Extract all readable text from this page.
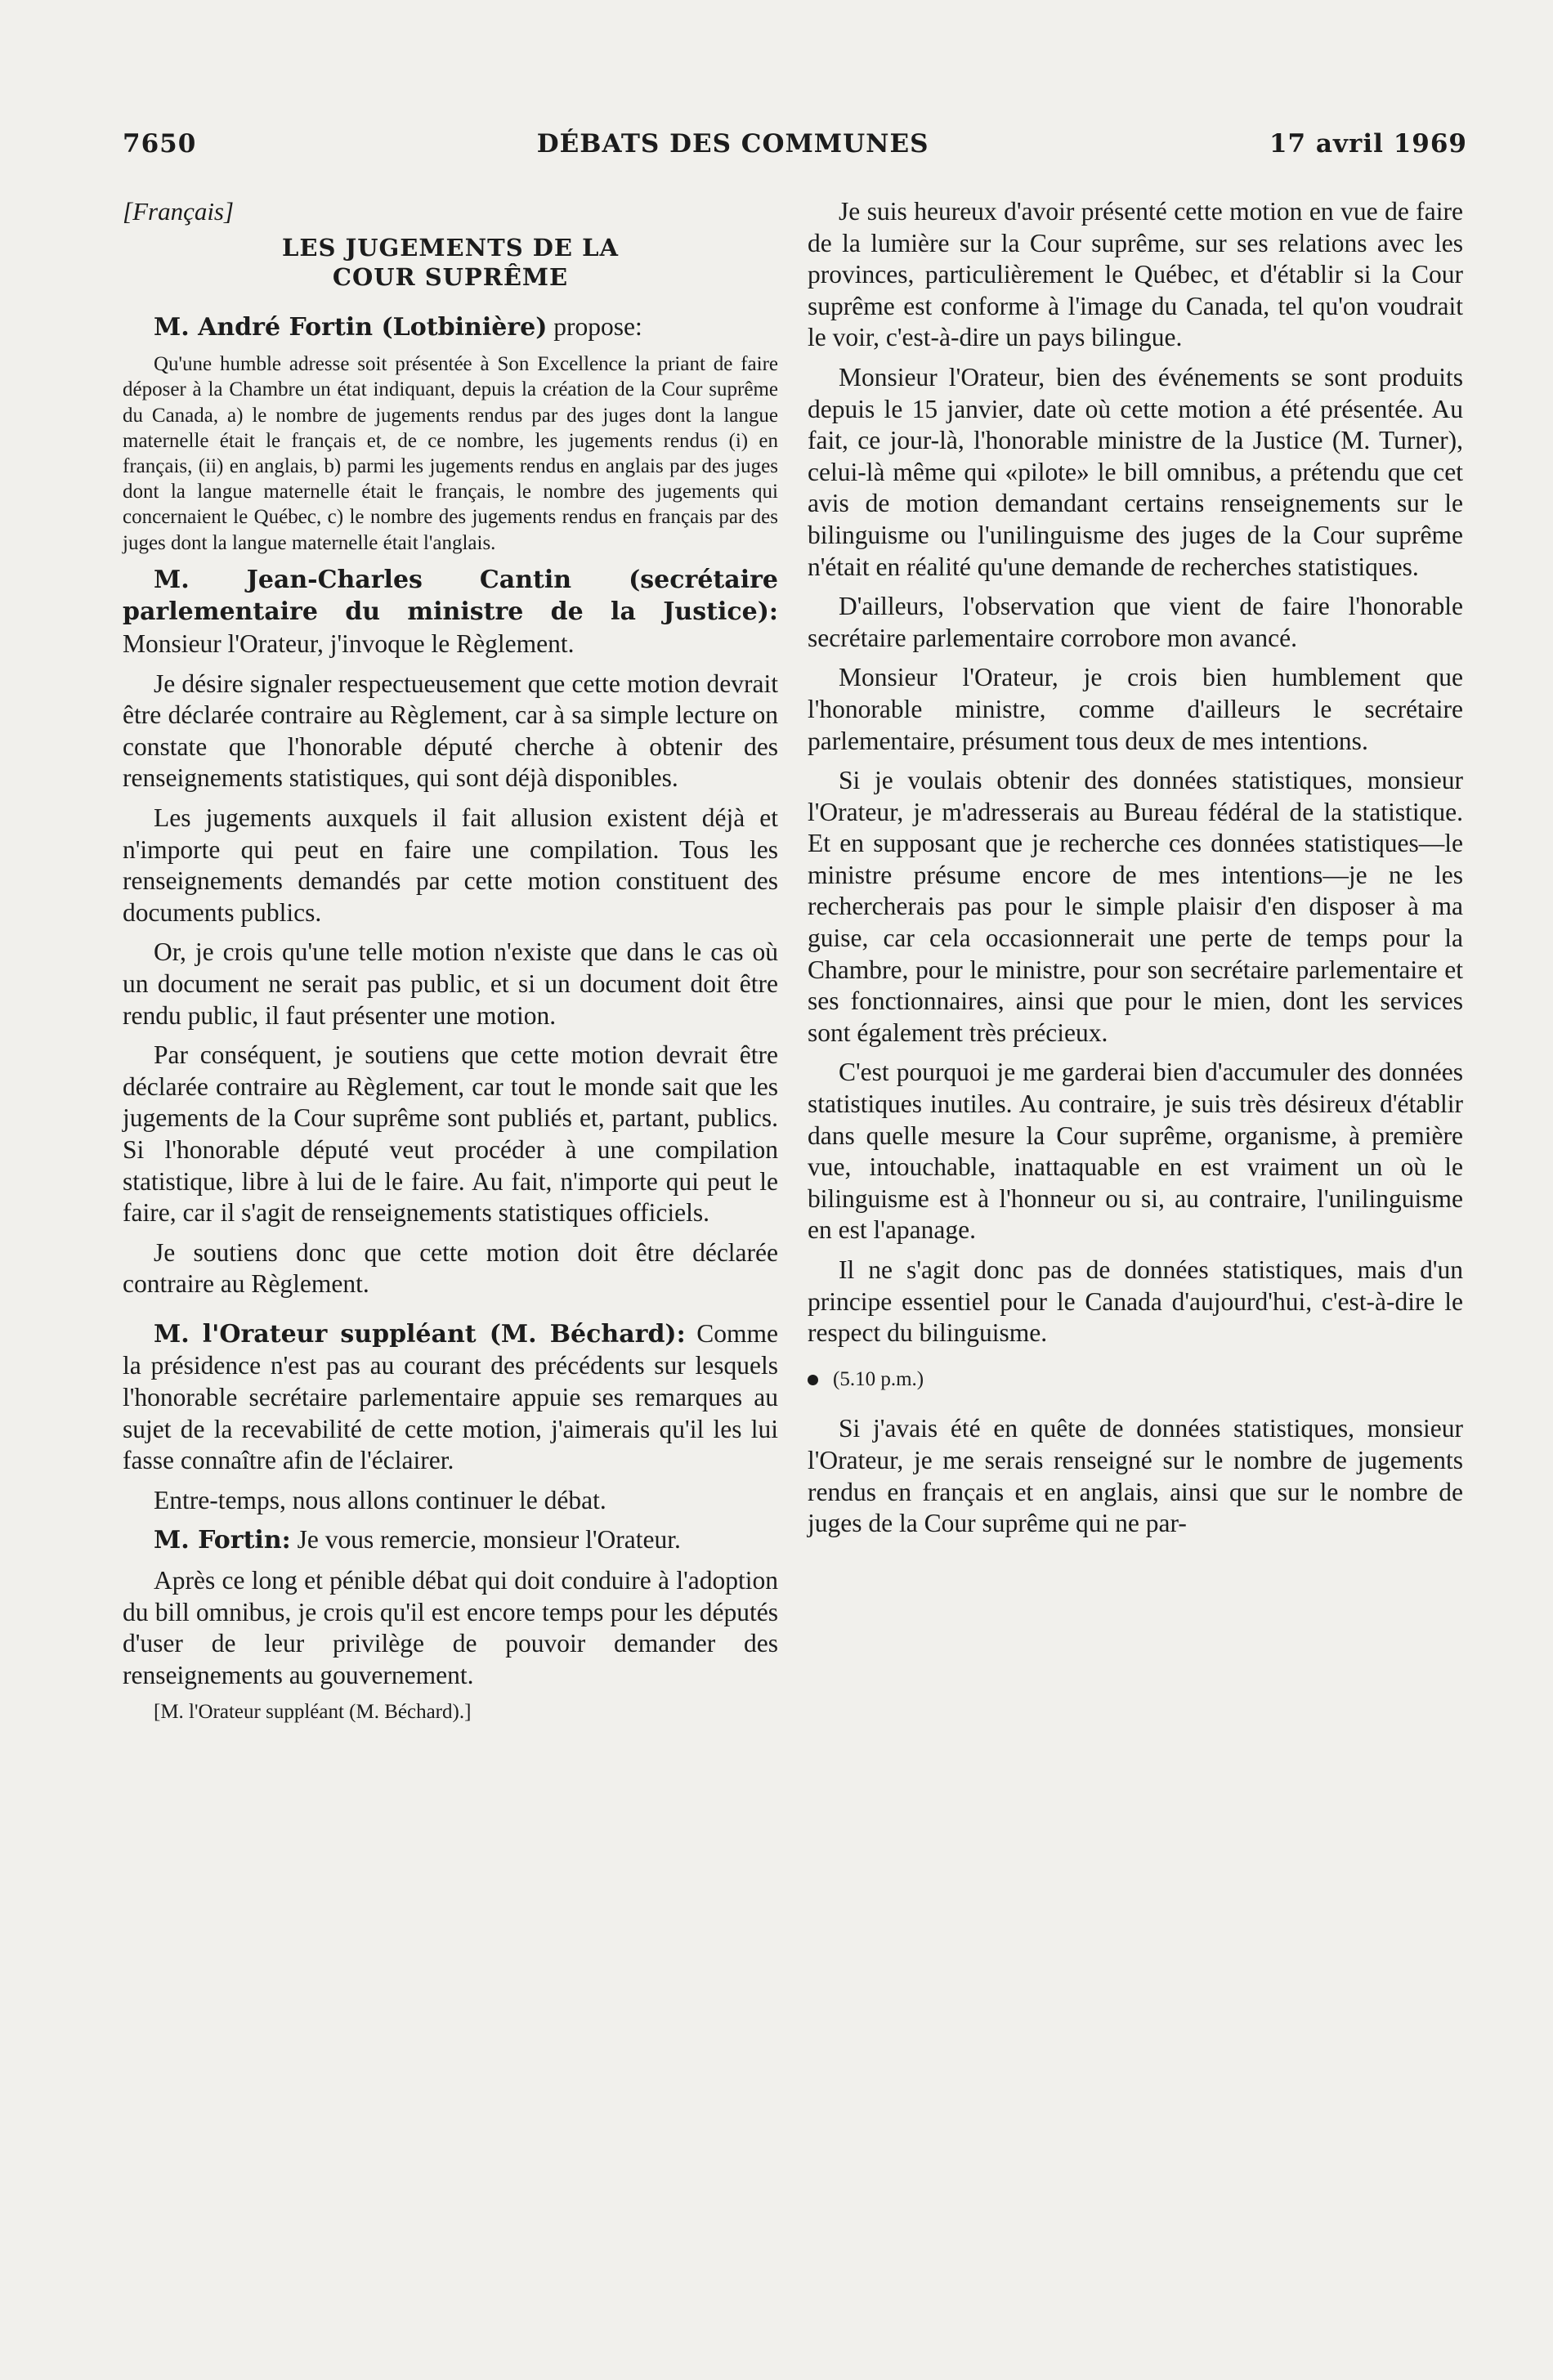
7650	DÉBATS DES COMMUNES	17 avril 1969
[Français]
LES JUGEMENTS DE LA
COUR SUPRÊME

M. André Fortin (Lotbinière) propose:

Qu'une humble adresse soit présentée à Son Excellence la priant de faire déposer à la Chambre un état indiquant, depuis la création de la Cour suprême du Canada, a) le nombre de jugements rendus par des juges dont la langue maternelle était le français et, de ce nombre, les jugements rendus (i) en français, (ii) en anglais, b) parmi les jugements rendus en anglais par des juges dont la langue maternelle était le français, le nombre des jugements qui concernaient le Québec, c) le nombre des jugements rendus en français par des juges dont la langue maternelle était l'anglais.

M. Jean-Charles Cantin (secrétaire parlementaire du ministre de la Justice): Monsieur l'Orateur, j'invoque le Règlement.

Je désire signaler respectueusement que cette motion devrait être déclarée contraire au Règlement, car à sa simple lecture on constate que l'honorable député cherche à obtenir des renseignements statistiques, qui sont déjà disponibles.

Les jugements auxquels il fait allusion existent déjà et n'importe qui peut en faire une compilation. Tous les renseignements demandés par cette motion constituent des documents publics.

Or, je crois qu'une telle motion n'existe que dans le cas où un document ne serait pas public, et si un document doit être rendu public, il faut présenter une motion.

Par conséquent, je soutiens que cette motion devrait être déclarée contraire au Règlement, car tout le monde sait que les jugements de la Cour suprême sont publiés et, partant, publics. Si l'honorable député veut procéder à une compilation statistique, libre à lui de le faire. Au fait, n'importe qui peut le faire, car il s'agit de renseignements statistiques officiels.

Je soutiens donc que cette motion doit être déclarée contraire au Règlement.

M. l'Orateur suppléant (M. Béchard): Comme la présidence n'est pas au courant des précédents sur lesquels l'honorable secrétaire parlementaire appuie ses remarques au sujet de la recevabilité de cette motion, j'aimerais qu'il les lui fasse connaître afin de l'éclairer.

Entre-temps, nous allons continuer le débat.

M. Fortin: Je vous remercie, monsieur l'Orateur.

Après ce long et pénible débat qui doit conduire à l'adoption du bill omnibus, je crois qu'il est encore temps pour les députés d'user de leur privilège de pouvoir demander des renseignements au gouvernement.

[M. l'Orateur suppléant (M. Béchard).]

Je suis heureux d'avoir présenté cette motion en vue de faire de la lumière sur la Cour suprême, sur ses relations avec les provinces, particulièrement le Québec, et d'établir si la Cour suprême est conforme à l'image du Canada, tel qu'on voudrait le voir, c'est-à-dire un pays bilingue.

Monsieur l'Orateur, bien des événements se sont produits depuis le 15 janvier, date où cette motion a été présentée. Au fait, ce jour-là, l'honorable ministre de la Justice (M. Turner), celui-là même qui «pilote» le bill omnibus, a prétendu que cet avis de motion demandant certains renseignements sur le bilinguisme ou l'unilinguisme des juges de la Cour suprême n'était en réalité qu'une demande de recherches statistiques.

D'ailleurs, l'observation que vient de faire l'honorable secrétaire parlementaire corrobore mon avancé.

Monsieur l'Orateur, je crois bien humblement que l'honorable ministre, comme d'ailleurs le secrétaire parlementaire, présument tous deux de mes intentions.

Si je voulais obtenir des données statistiques, monsieur l'Orateur, je m'adresserais au Bureau fédéral de la statistique. Et en supposant que je recherche ces données statistiques—le ministre présume encore de mes intentions—je ne les rechercherais pas pour le simple plaisir d'en disposer à ma guise, car cela occasionnerait une perte de temps pour la Chambre, pour le ministre, pour son secrétaire parlementaire et ses fonctionnaires, ainsi que pour le mien, dont les services sont également très précieux.

C'est pourquoi je me garderai bien d'accumuler des données statistiques inutiles. Au contraire, je suis très désireux d'établir dans quelle mesure la Cour suprême, organisme, à première vue, intouchable, inattaquable en est vraiment un où le bilinguisme est à l'honneur ou si, au contraire, l'unilinguisme en est l'apanage.

Il ne s'agit donc pas de données statistiques, mais d'un principe essentiel pour le Canada d'aujourd'hui, c'est-à-dire le respect du bilinguisme.

(5.10 p.m.)

Si j'avais été en quête de données statistiques, monsieur l'Orateur, je me serais renseigné sur le nombre de jugements rendus en français et en anglais, ainsi que sur le nombre de juges de la Cour suprême qui ne par-
